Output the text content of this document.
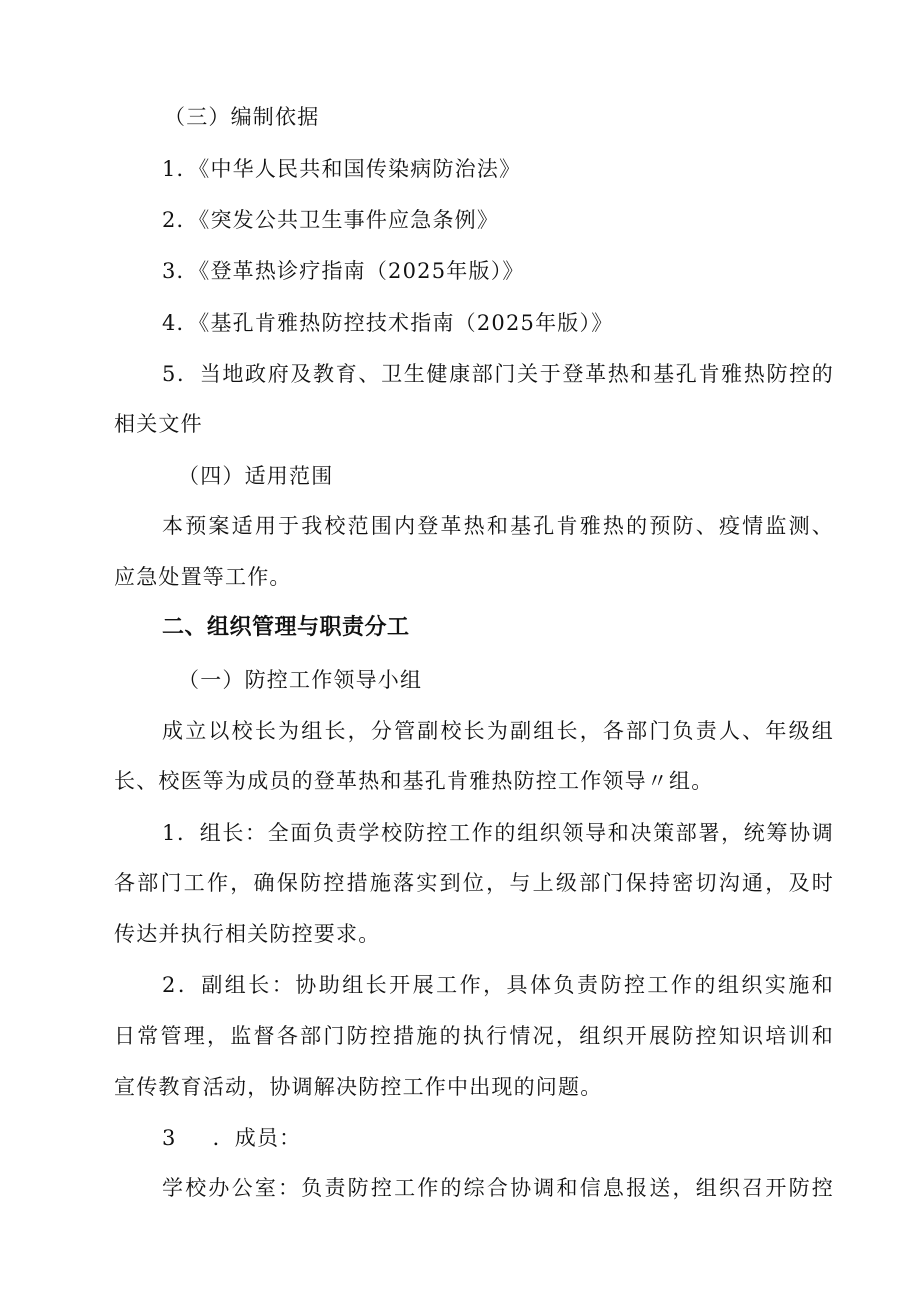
（三）编制依据
1．《中华人民共和国传染病防治法》
2．《突发公共卫生事件应急条例》
3．《登革热诊疗指南（2025年版）》
4．《基孔肯雅热防控技术指南（2025年版）》
5．当地政府及教育、卫生健康部门关于登革热和基孔肯雅热防控的
相关文件
（四）适用范围
本预案适用于我校范围内登革热和基孔肯雅热的预防、疫情监测、
应急处置等工作。
二、组织管理与职责分工
（一）防控工作领导小组
成立以校长为组长，分管副校长为副组长，各部门负责人、年级组
长、校医等为成员的登革热和基孔肯雅热防控工作领导〃组。
1．组长：全面负责学校防控工作的组织领导和决策部署，统筹协调
各部门工作，确保防控措施落实到位，与上级部门保持密切沟通，及时
传达并执行相关防控要求。
2．副组长：协助组长开展工作，具体负责防控工作的组织实施和
日常管理，监督各部门防控措施的执行情况，组织开展防控知识培训和
宣传教育活动，协调解决防控工作中出现的问题。
3 ．成员：
学校办公室：负责防控工作的综合协调和信息报送，组织召开防控
